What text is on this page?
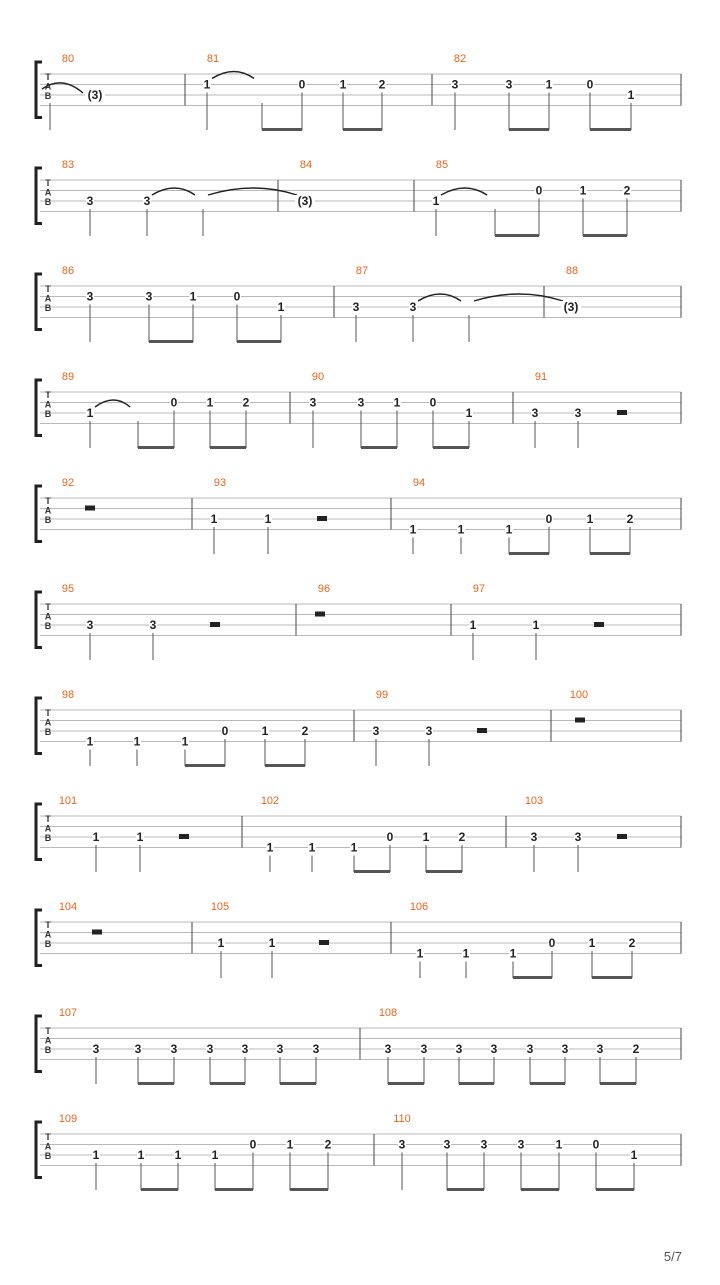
T
A
B
80
(3)
81
1	0	1	2
82
3	3	1	0
1
T
A
B
83
3	3
84
(3)
85
1
0	1	2
T
A
B
86
3	3	1	0
1
87
3	3
88
(3)
T
A
B
89
1
0 1 2
90
3	3 1 0
1
91
3	3
T
A
B
92	93
1	1
94
1	1	1
0	1	2
T
A
B
95
3	3
96	97
1	1
T
A
B
98
1	1	1
0	1	2
99
3	3
100
T
A
B
101
1	1
102
1	1	1
0 1 2
103
3	3
T
A
B
104	105
1	1
106
1	1	1
0	1	2
T
A
B
107
3	3 3 3 3 3 3
108
3 3 3 3 3 3 3 2
T
A
B
109
1	1	1	1
0	1	2
110
3	3	3	3	1	0
1
5/7
